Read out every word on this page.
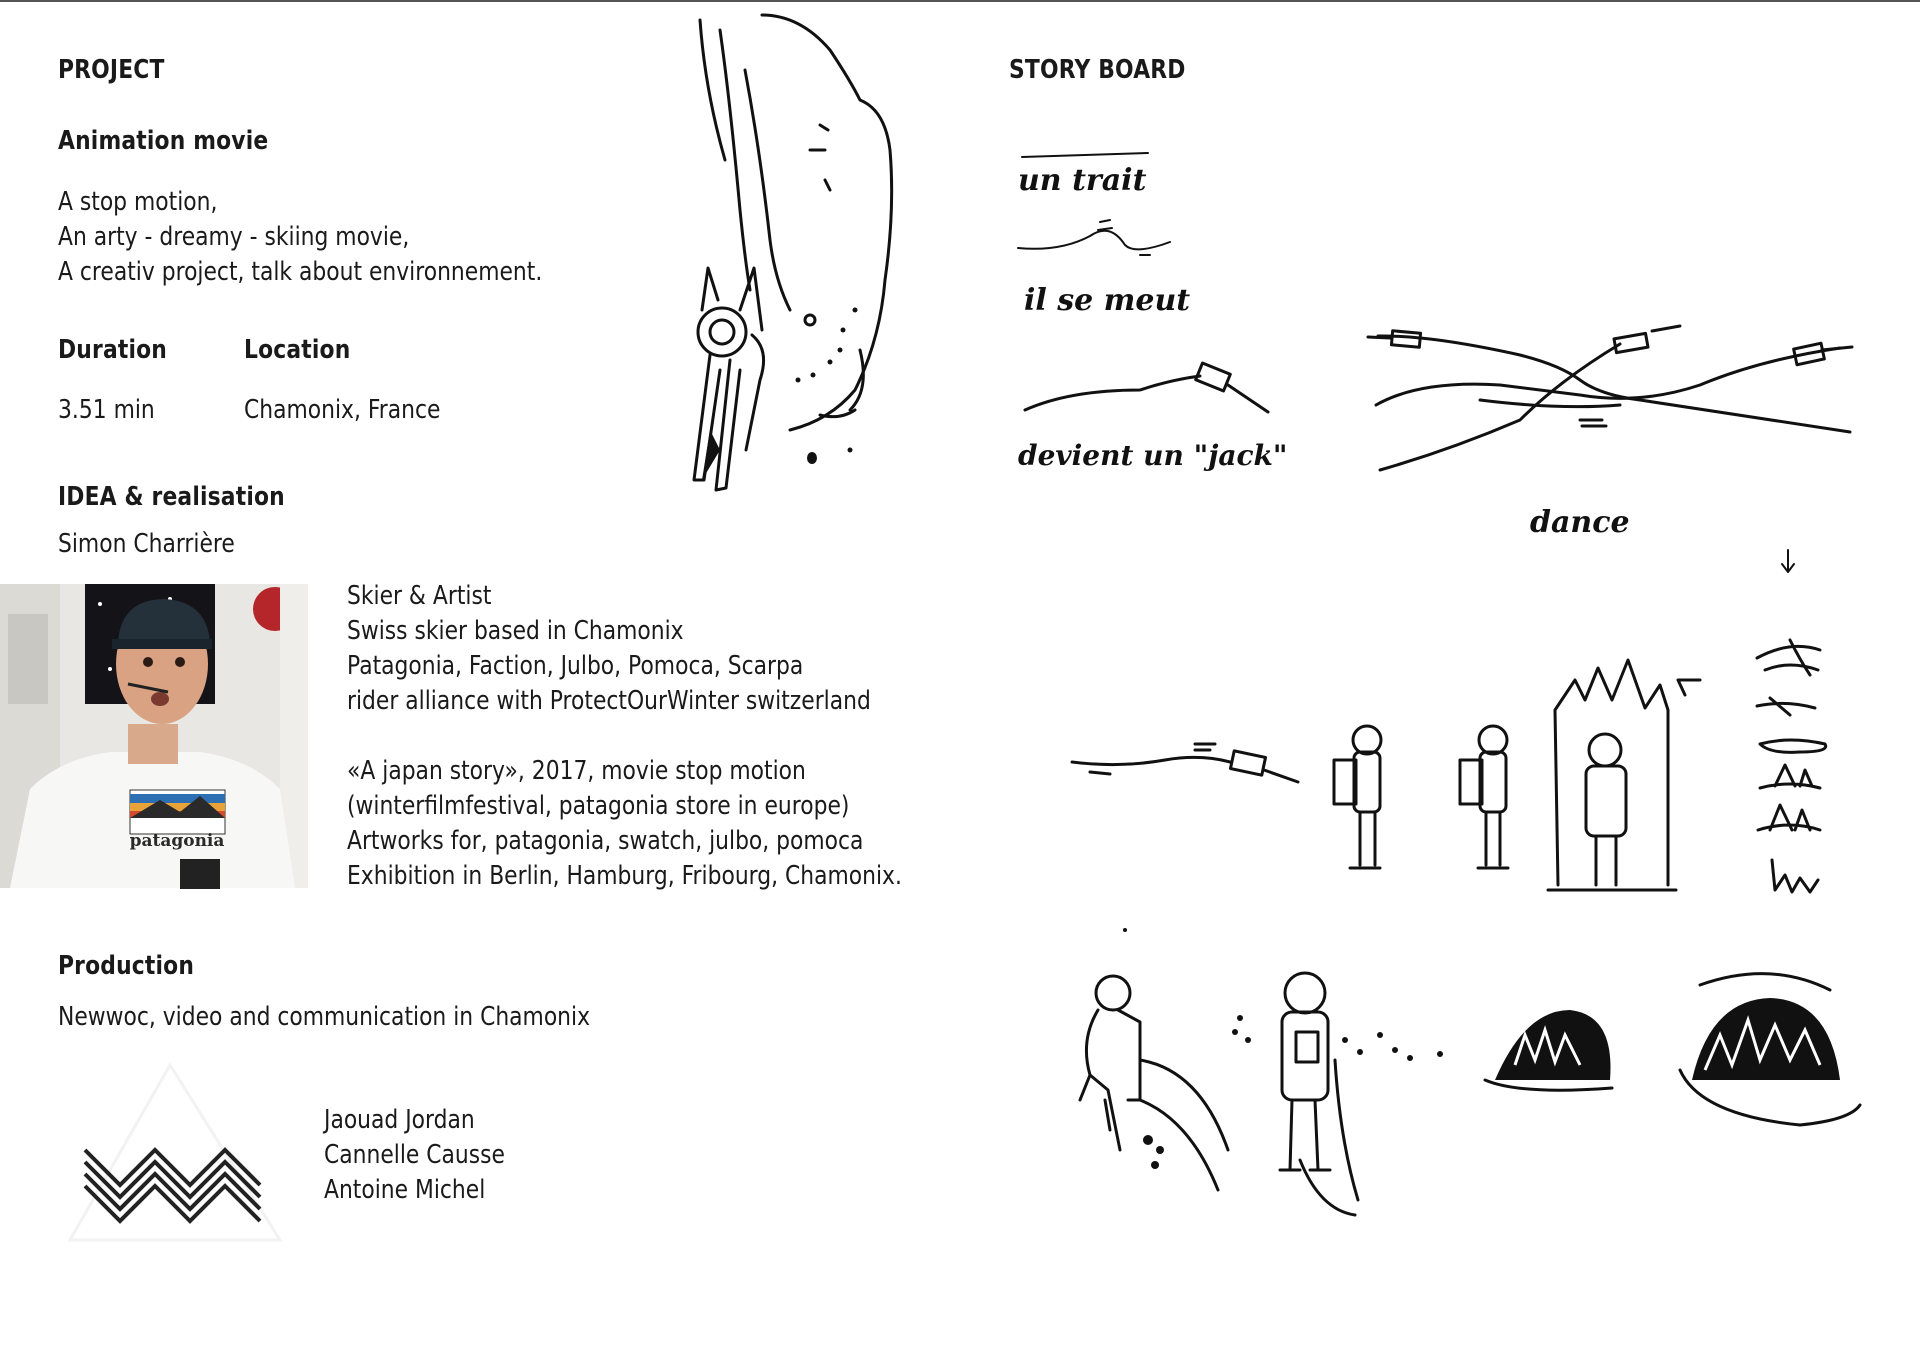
PROJECT
Animation movie
A stop motion,
An arty - dreamy - skiing movie,
A creativ project, talk about environnement.
Duration
3.51 min
Location
Chamonix, France
IDEA & realisation
Simon Charrière
patagonia
Skier & Artist
Swiss skier based in Chamonix
Patagonia, Faction, Julbo, Pomoca, Scarpa
rider alliance with ProtectOurWinter switzerland
«A japan story», 2017, movie stop motion
(winterfilmfestival, patagonia store in europe)
Artworks for, patagonia, swatch, julbo, pomoca
Exhibition in Berlin, Hamburg, Fribourg, Chamonix.
Production
Newwoc, video and communication in Chamonix
Jaouad Jordan
Cannelle Causse
Antoine Michel
STORY BOARD
un trait
il se meut
devient un "jack"
dance
